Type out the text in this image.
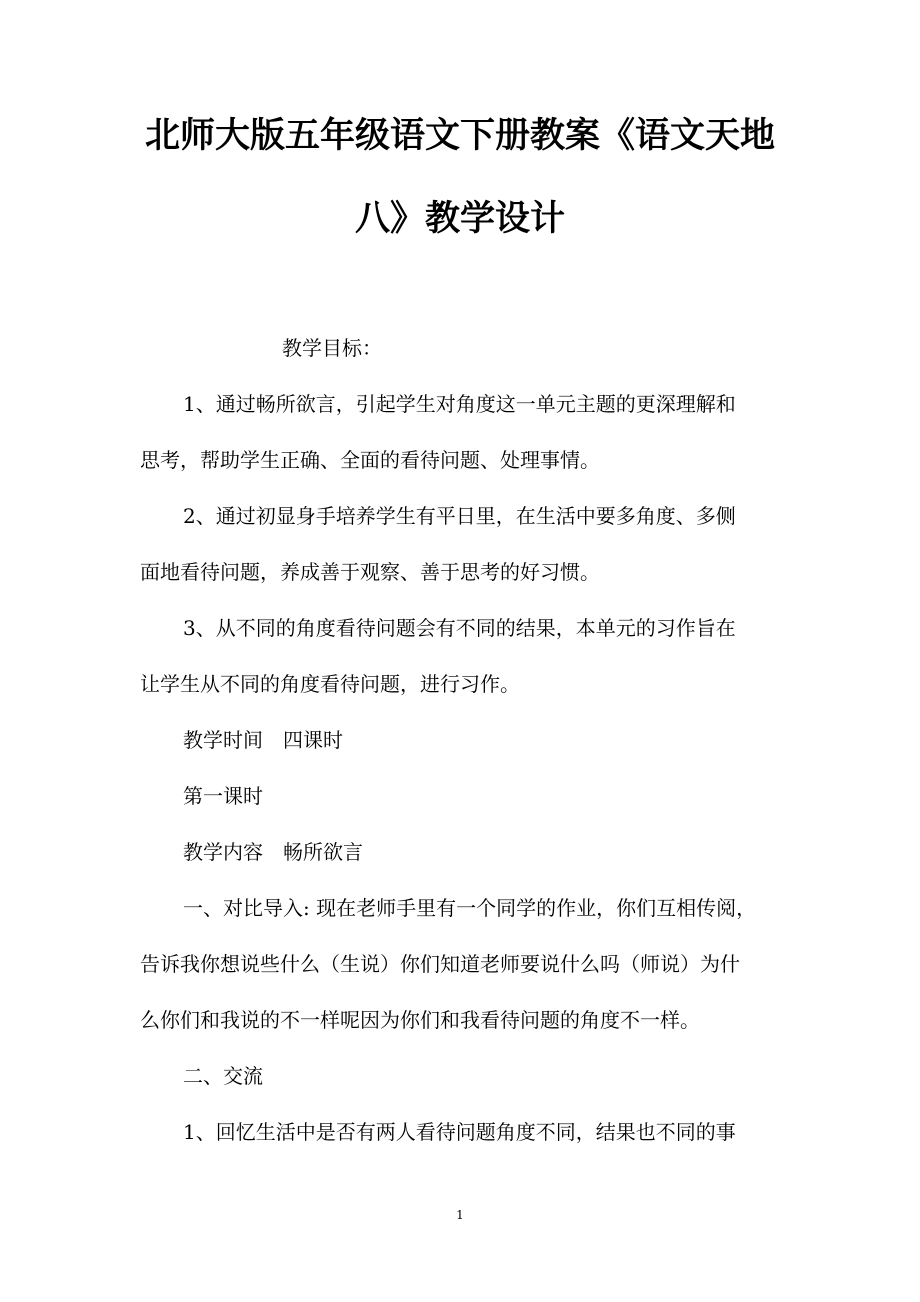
北师大版五年级语文下册教案《语文天地
八》教学设计
教学目标：
1、通过畅所欲言，引起学生对角度这一单元主题的更深理解和
思考，帮助学生正确、全面的看待问题、处理事情。
2、通过初显身手培养学生有平日里，在生活中要多角度、多侧
面地看待问题，养成善于观察、善于思考的好习惯。
3、从不同的角度看待问题会有不同的结果，本单元的习作旨在
让学生从不同的角度看待问题，进行习作。
教学时间　四课时
第一课时
教学内容　畅所欲言
一、对比导入: 现在老师手里有一个同学的作业，你们互相传阅，
告诉我你想说些什么（生说）你们知道老师要说什么吗（师说）为什
么你们和我说的不一样呢因为你们和我看待问题的角度不一样。
二、交流
1、回忆生活中是否有两人看待问题角度不同，结果也不同的事
1
